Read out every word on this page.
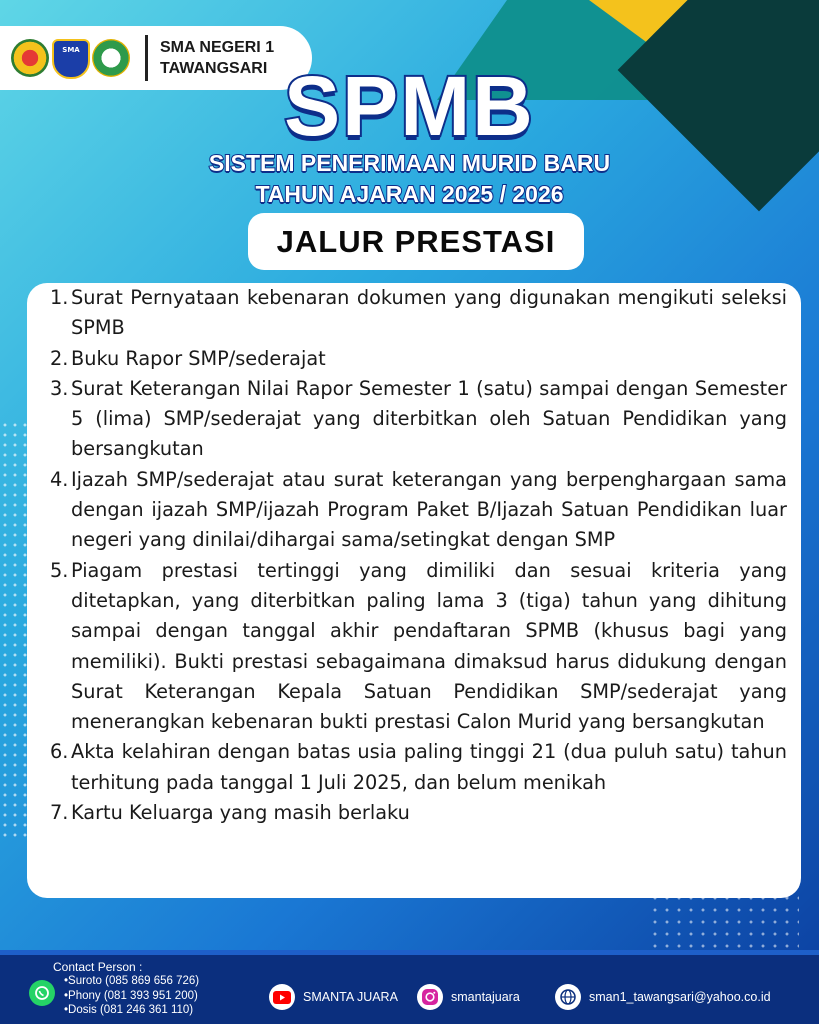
SMA	SMA NEGERI 1
TAWANGSARI SPMB
SISTEM PENERIMAAN MURID BARU
TAHUN AJARAN 2025 / 2026
JALUR PRESTASI
1. Surat Pernyataan kebenaran dokumen yang digunakan mengikuti seleksi SPMB
2. Buku Rapor SMP/sederajat
3. Surat Keterangan Nilai Rapor Semester 1 (satu) sampai dengan Semester 5 (lima) SMP/sederajat yang diterbitkan oleh Satuan Pendidikan yang bersangkutan
4. Ijazah SMP/sederajat atau surat keterangan yang berpenghargaan sama dengan ijazah SMP/ijazah Program Paket B/Ijazah Satuan Pendidikan luar negeri yang dinilai/dihargai sama/setingkat dengan SMP
5. Piagam prestasi tertinggi yang dimiliki dan sesuai kriteria yang ditetapkan, yang diterbitkan paling lama 3 (tiga) tahun yang dihitung sampai dengan tanggal akhir pendaftaran SPMB (khusus bagi yang memiliki). Bukti prestasi sebagaimana dimaksud harus didukung dengan Surat Keterangan Kepala Satuan Pendidikan SMP/sederajat yang menerangkan kebenaran bukti prestasi Calon Murid yang bersangkutan
6. Akta kelahiran dengan batas usia paling tinggi 21 (dua puluh satu) tahun terhitung pada tanggal 1 Juli 2025, dan belum menikah
7. Kartu Keluarga yang masih berlaku
Contact Person :
• Suroto (085 869 656 726)
• Phony (081 393 951 200)
• Dosis (081 246 361 110)
SMANTA JUARA	smantajuara	sman1_tawangsari@yahoo.co.id
